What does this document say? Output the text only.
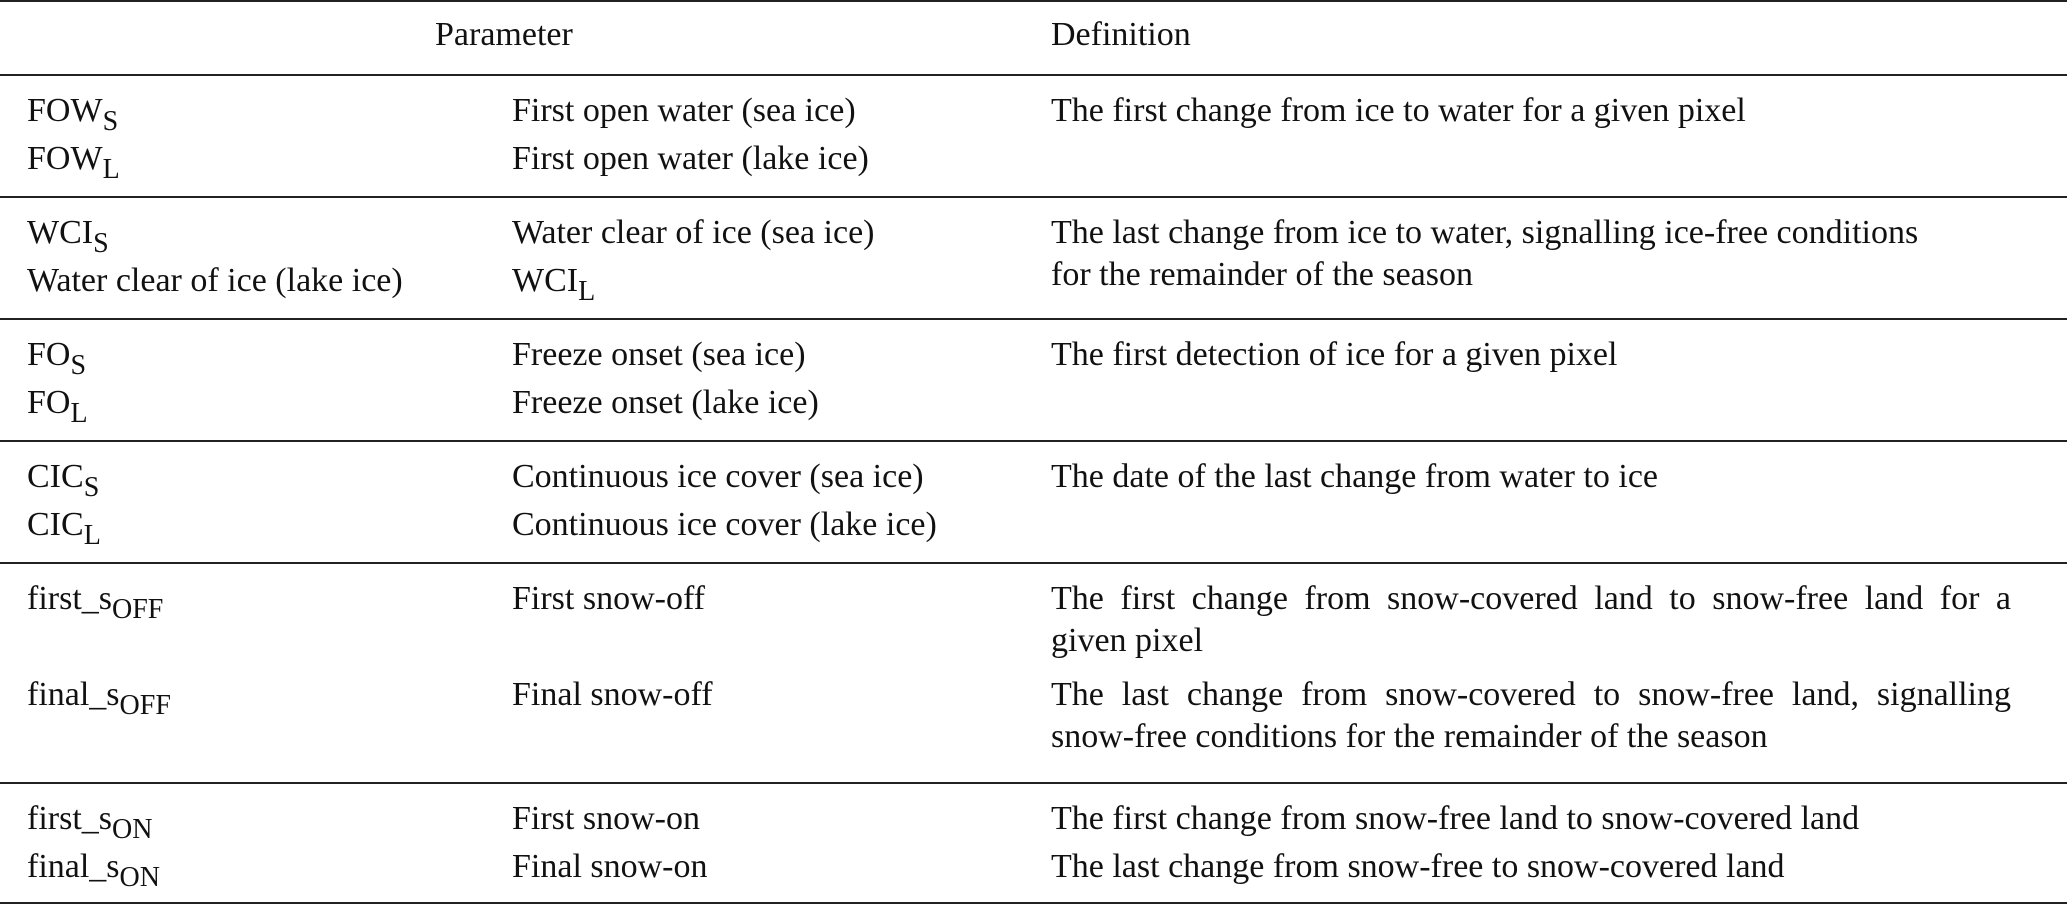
Parameter	Definition
$FOW_S$	First open water (sea ice)	The first change from ice to water for a given pixel
$FOW_L$	First open water (lake ice)
$WCI_S$	Water clear of ice (sea ice)	The last change from ice to water, signalling ice-free conditions for the remainder of the season
Water clear of ice (lake ice)	$WCI_L$
$FO_S$	Freeze onset (sea ice)	The first detection of ice for a given pixel
$FO_L$	Freeze onset (lake ice)
$CIC_S$	Continuous ice cover (sea ice)	The date of the last change from water to ice
$CIC_L$	Continuous ice cover (lake ice)
$first\_s_{OFF}$	First snow-off	The first change from snow-covered land to snow-free land for a given pixel
$final\_s_{OFF}$	Final snow-off	The last change from snow-covered to snow-free land, signalling snow-free conditions for the remainder of the season
$first\_s_{ON}$	First snow-on	The first change from snow-free land to snow-covered land
$final\_s_{ON}$	Final snow-on	The last change from snow-free to snow-covered land
